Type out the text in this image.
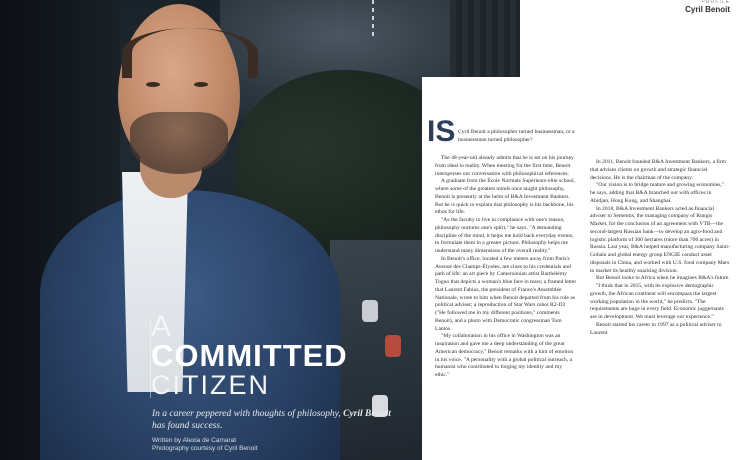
A

COMMITTED

CITIZEN

In a career peppered with thoughts of philosophy, Cyril Benoit has found success.

Written by Alexia de Camarat
Photography courtesy of Cyril Benoit

PROFILE

Cyril Benoit

IS Cyril Benoit a philosopher turned businessman, or a businessman turned philosopher?

The 48-year-old already admits that he is set on his journey from ideal to reality. When meeting for the first time, Benoit intersperses our conversation with philosophical references.

A graduate from the École Normale Supérieure elite school, where some of the greatest minds once taught philosophy, Benoit is presently at the helm of B&A Investment Bankers. But he is quick to explain that philosophy is his backbone, his ethos for life.

"As the faculty to live in compliance with one's reason, philosophy nurtures one's spirit," he says. "A demanding discipline of the mind, it helps me hold back everyday events, to formulate them in a greater picture. Philosophy helps me understand many dimensions of the overall reality."

In Benoit's office, located a few meters away from Paris's Avenue des Champs-Élysées, are clues to his credentials and path of life: an art piece by Cameroonian artist Barthélémy Toguo that depicts a woman's blue face in tears; a framed letter that Laurent Fabius, the president of France's Assemblée Nationale, wrote to him when Benoit departed from his role as political adviser; a reproduction of Star Wars robot R2-D2 ("He followed me in my different positions," comments Benoit), and a photo with Democratic congressman Tom Lantos.

"My collaboration in his office in Washington was an inspiration and gave me a deep understanding of the great American democracy," Benoit remarks with a hint of emotion in his voice. "A personality with a global political outreach, a humanist who contributed to forging my identity and my ethic."

In 2011, Benoit founded B&A Investment Bankers, a firm that advises clients on growth and strategic financial decisions. He is the chairman of the company.

"Our vision is to bridge mature and growing economies," he says, adding that B&A branched out with offices in Abidjan, Hong Kong, and Shanghai.

In 2018, B&A Investment Bankers acted as financial adviser to Sementis, the managing company of Rungis Market, for the conclusion of an agreement with VTB—the second-largest Russian bank—to develop an agro-food and logistic platform of 300 hectares (more than 700 acres) in Russia. Last year, B&A helped manufacturing company Saint-Gobain and global energy group ENGIE conduct asset disposals in China, and worked with U.S. food company Mars to market its healthy snacking division.

But Benoit looks to Africa when he imagines B&A's future.

"I think that in 2015, with its explosive demographic growth, the African continent will encompass the largest working population in the world," he predicts. "The requirements are huge in every field. Economic juggernauts are in development. We must leverage our experience."

Benoit started his career in 1997 as a political adviser to Laurent
